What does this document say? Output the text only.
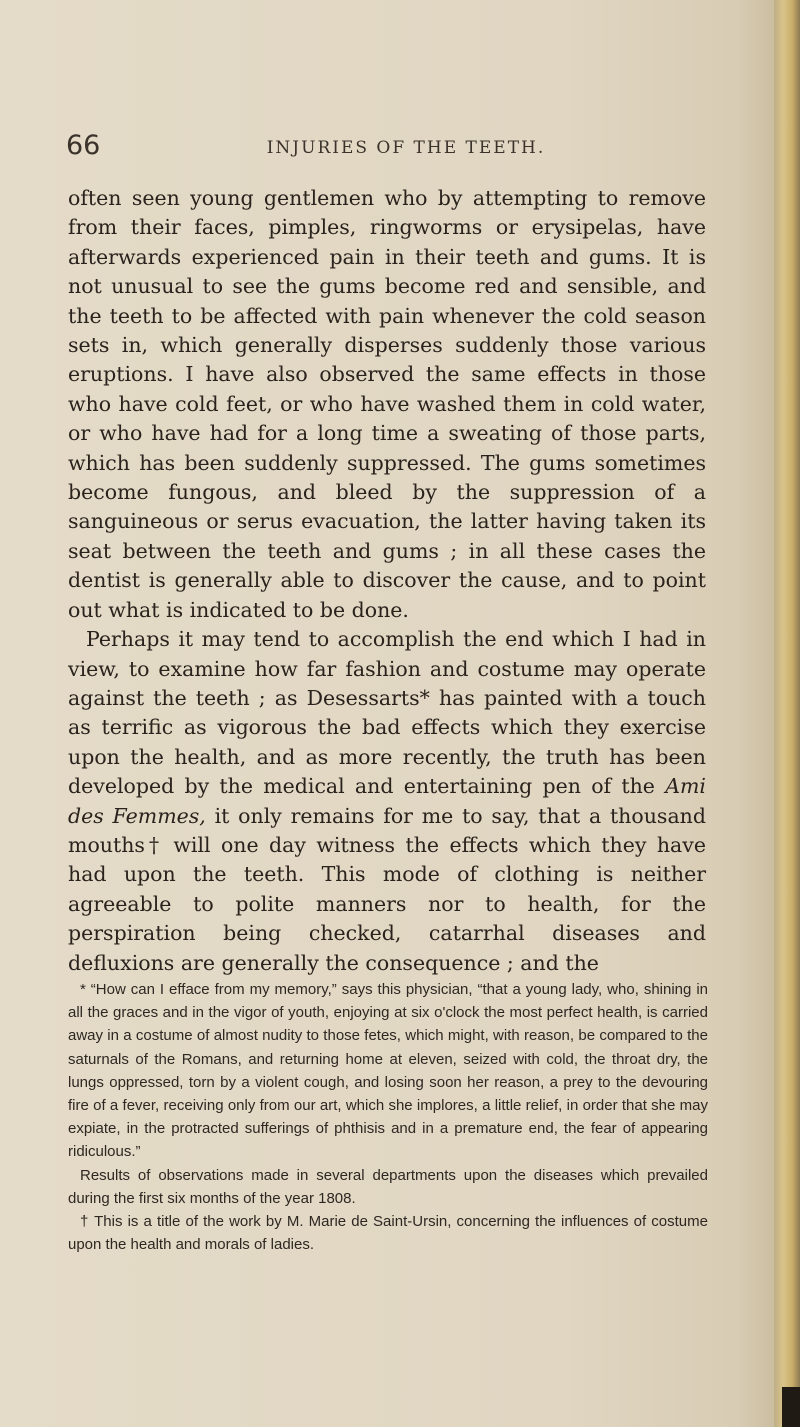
66	INJURIES OF THE TEETH.

often seen young gentlemen who by attempting to remove from their faces, pimples, ringworms or erysipelas, have afterwards experienced pain in their teeth and gums. It is not unusual to see the gums become red and sensible, and the teeth to be affected with pain whenever the cold season sets in, which generally disperses suddenly those various eruptions. I have also observed the same effects in those who have cold feet, or who have washed them in cold water, or who have had for a long time a sweating of those parts, which has been suddenly suppressed. The gums sometimes become fungous, and bleed by the suppression of a sanguineous or serus evacuation, the latter having taken its seat between the teeth and gums ; in all these cases the dentist is generally able to discover the cause, and to point out what is indicated to be done.

Perhaps it may tend to accomplish the end which I had in view, to examine how far fashion and costume may operate against the teeth ; as Desessarts* has painted with a touch as terrific as vigorous the bad effects which they exercise upon the health, and as more recently, the truth has been developed by the medical and entertaining pen of the Ami des Femmes, it only remains for me to say, that a thousand mouths† will one day witness the effects which they have had upon the teeth. This mode of clothing is neither agreeable to polite manners nor to health, for the perspiration being checked, catarrhal diseases and defluxions are generally the consequence ; and the

* “How can I efface from my memory,” says this physician, “that a young lady, who, shining in all the graces and in the vigor of youth, enjoying at six o'clock the most perfect health, is carried away in a costume of almost nudity to those fetes, which might, with reason, be compared to the saturnals of the Romans, and returning home at eleven, seized with cold, the throat dry, the lungs oppressed, torn by a violent cough, and losing soon her reason, a prey to the devouring fire of a fever, receiving only from our art, which she implores, a little relief, in order that she may expiate, in the protracted sufferings of phthisis and in a premature end, the fear of appearing ridiculous.”

Results of observations made in several departments upon the diseases which prevailed during the first six months of the year 1808.

† This is a title of the work by M. Marie de Saint-Ursin, concerning the influences of costume upon the health and morals of ladies.
